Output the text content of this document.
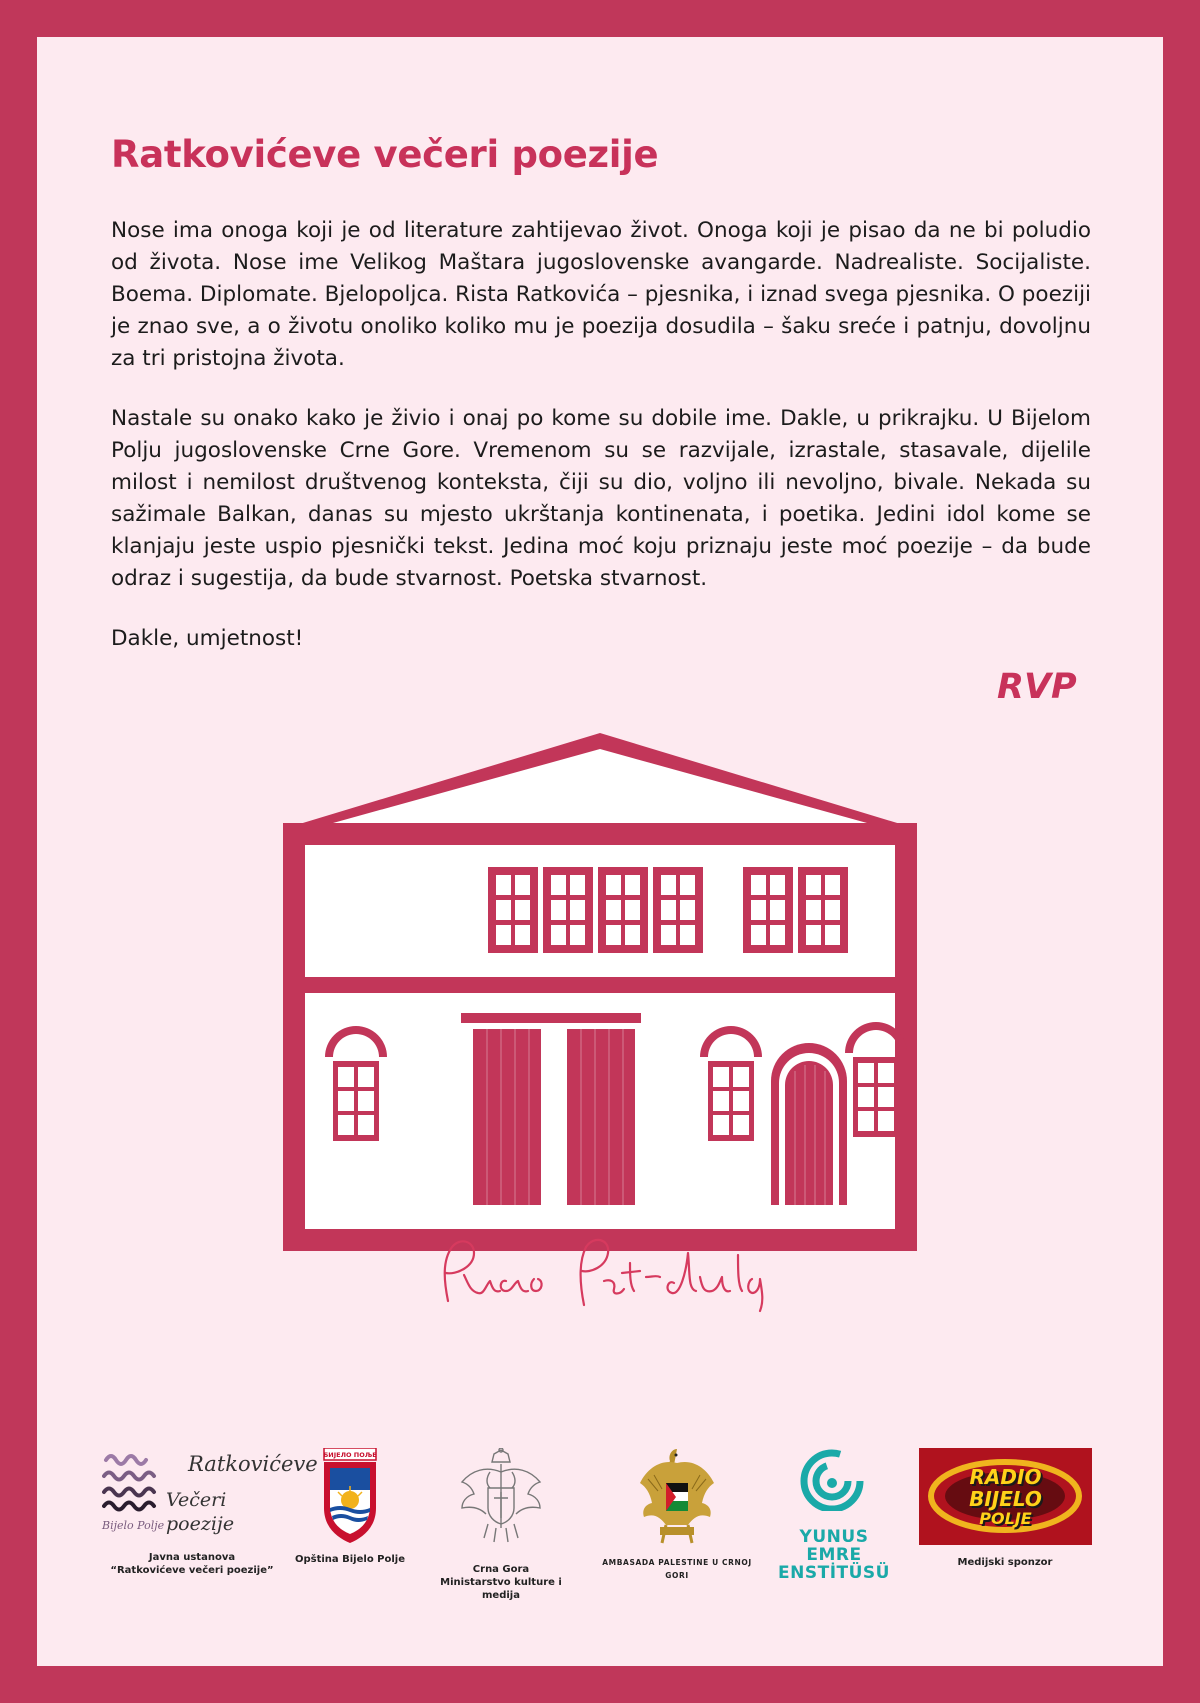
Ratkovićeve večeri poezije

Nose ima onoga koji je od literature zahtijevao život. Onoga koji je pisao da ne bi poludio od života. Nose ime Velikog Maštara jugoslovenske avangarde. Nadrealiste. Socijaliste. Boema. Diplomate. Bjelopoljca. Rista Ratkovića – pjesnika, i iznad svega pjesnika. O poeziji je znao sve, a o životu onoliko koliko mu je poezija dosudila – šaku sreće i patnju, dovoljnu za tri pristojna života.

Nastale su onako kako je živio i onaj po kome su dobile ime. Dakle, u prikrajku. U Bijelom Polju jugoslovenske Crne Gore. Vremenom su se razvijale, izrastale, stasavale, dijelile milost i nemilost društvenog konteksta, čiji su dio, voljno ili nevoljno, bivale. Nekada su sažimale Balkan, danas su mjesto ukrštanja kontinenata, i poetika. Jedini idol kome se klanjaju jeste uspio pjesnički tekst. Jedina moć koju priznaju jeste moć poezije – da bude odraz i sugestija, da bude stvarnost. Poetska stvarnost.

Dakle, umjetnost!

RVP

Ratkovićeve
Večeri poezije
Bijelo Polje
Javna ustanova
“Ratkovićeve večeri poezije”
БИЈЕЛО ПОЉЕ
Opština Bijelo Polje
Crna Gora
Ministarstvo kulture i medija
AMBASADA PALESTINE U CRNOJ GORI
YUNUS EMRE
ENSTİTÜSÜ
RADIO
BIJELO
POLJE
Medijski sponzor
